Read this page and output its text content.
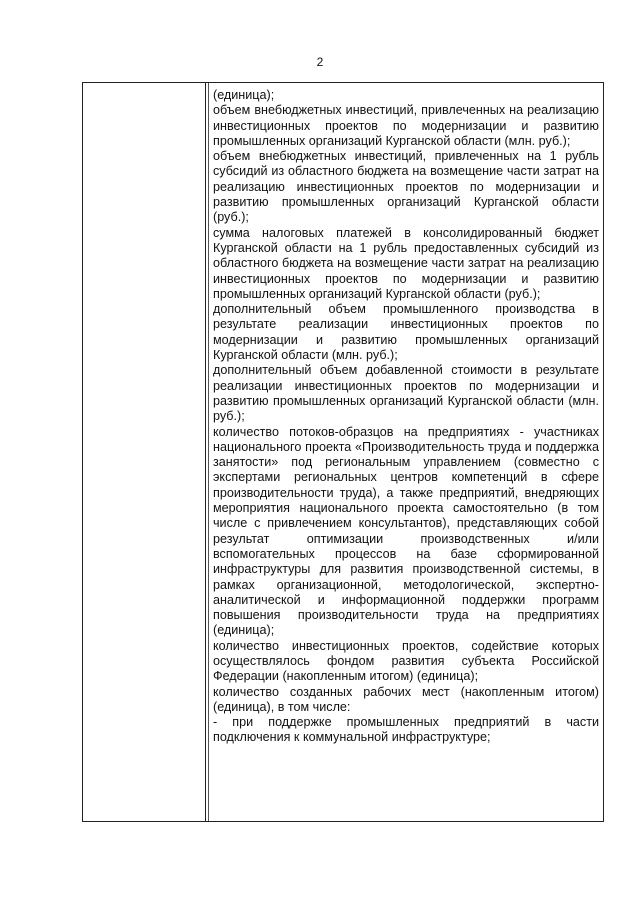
2

(единица);

объем внебюджетных инвестиций, привлеченных на реализацию инвестиционных проектов по модернизации и развитию промышленных организаций Курганской области (млн. руб.);

объем внебюджетных инвестиций, привлеченных на 1 рубль субсидий из областного бюджета на возмещение части затрат на реализацию инвестиционных проектов по модернизации и развитию промышленных организаций Курганской области (руб.);

сумма налоговых платежей в консолидированный бюджет Курганской области на 1 рубль предоставленных субсидий из областного бюджета на возмещение части затрат на реализацию инвестиционных проектов по модернизации и развитию промышленных организаций Курганской области (руб.);

дополнительный объем промышленного производства в результате реализации инвестиционных проектов по модернизации и развитию промышленных организаций Курганской области (млн. руб.);

дополнительный объем добавленной стоимости в результате реализации инвестиционных проектов по модернизации и развитию промышленных организаций Курганской области (млн. руб.);

количество потоков-образцов на предприятиях - участниках национального проекта «Производительность труда и поддержка занятости» под региональным управлением (совместно с экспертами региональных центров компетенций в сфере производительности труда), а также предприятий, внедряющих мероприятия национального проекта самостоятельно (в том числе с привлечением консультантов), представляющих собой результат оптимизации производственных и/или вспомогательных процессов на базе сформированной инфраструктуры для развития производственной системы, в рамках организационной, методологической, экспертно-аналитической и информационной поддержки программ повышения производительности труда на предприятиях (единица);

количество инвестиционных проектов, содействие которых осуществлялось фондом развития субъекта Российской Федерации (накопленным итогом) (единица);

количество созданных рабочих мест (накопленным итогом) (единица), в том числе:

- при поддержке промышленных предприятий в части подключения к коммунальной инфраструктуре;
